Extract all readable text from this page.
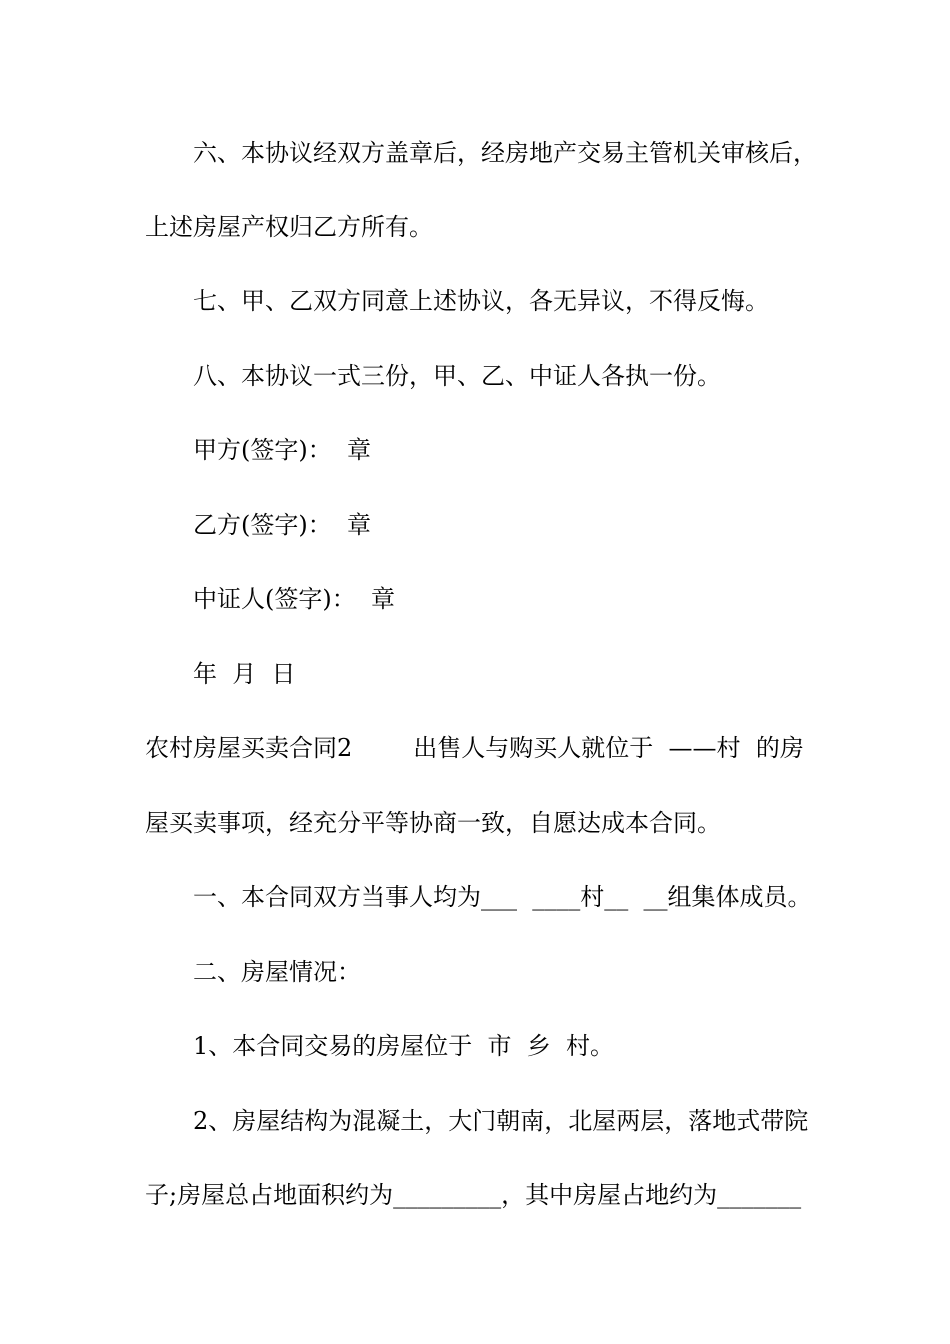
六、本协议经双方盖章后，经房地产交易主管机关审核后，
上述房屋产权归乙方所有。
七、甲、乙双方同意上述协议，各无异议，不得反悔。
八、本协议一式三份，甲、乙、中证人各执一份。
甲方(签字)：  章
乙方(签字)：  章
中证人(签字)：  章
年  月  日
农村房屋买卖合同2        出售人与购买人就位于  ——村  的房
屋买卖事项，经充分平等协商一致，自愿达成本合同。
一、本合同双方当事人均为___  ____村__  __组集体成员。
二、房屋情况：
1、本合同交易的房屋位于  市  乡  村。
2、房屋结构为混凝土，大门朝南，北屋两层，落地式带院
子;房屋总占地面积约为_________，其中房屋占地约为_______
